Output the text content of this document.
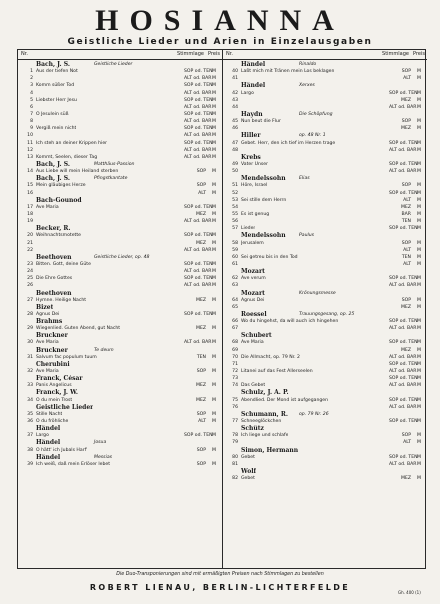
HOSIANNA
Geistliche Lieder und Arien in Einzelausgaben
Nr.	Stimmlage Preis
Bach, J. S.	Geistliche Lieder
1 Aus der tiefen Not	SOP od. TEN M
2	ALT od. BAR M
3 Komm süßer Tod	SOP od. TEN M
4	ALT od. BAR M
5 Liebster Herr Jesu	SOP od. TEN M
6	ALT od. BAR M
7 O Jesulein süß	SOP od. TEN M
8	ALT od. BAR M
9 Vergiß mein nicht	SOP od. TEN M
10	ALT od. BAR M
11 Ich steh an deiner Krippen hier	SOP od. TEN M
12	ALT od. BAR M
13 Kommt, Seelen, dieser Tag	ALT od. BAR M
Bach, J. S.	Matthäus-Passion
14 Aus Liebe will mein Heiland sterben	SOP	M
Bach, J. S.	Pfingstkantate
15 Mein gläubiges Herze	SOP	M
16	ALT	M
Bach-Gounod
17 Ave Maria	SOP od. TEN M
18	MEZ	M
19	ALT od. BAR M
Becker, R.
20 Weihnachtsmotette	SOP od. TEN M
21	MEZ	M
22	ALT od. BAR M
Beethoven	Geistliche Lieder, op. 48
23 Bitten. Gott, deine Güte	SOP od. TEN M
24	ALT od. BAR M
25 Die Ehre Gottes	SOP od. TEN M
26	ALT od. BAR M
Beethoven
27 Hymne. Heilige Nacht	MEZ	M
Bizet
28 Agnus Dei	SOP od. TEN M
Brahms
29 Wiegenlied. Guten Abend, gut Nacht	MEZ	M
Bruckner
30 Ave Maria	ALT od. BAR M
Bruckner	Te deum
31 Salvum fac populum tuum	TEN	M
Cherubini
32 Ave Maria	SOP	M
Franck, César
33 Panis Angelicus	MEZ	M
Franck, J. W.
34 O du mein Trost	MEZ	M
Geistliche Lieder
35 Stille Nacht	SOP	M
36 O du fröhliche	ALT	M
Händel
37 Largo	SOP od. TEN M
Händel	Josua
38 O hätt' ich Jubals Harf'	SOP	M
Händel	Messias
39 Ich weiß, daß mein Erlöser lebet	SOP	M
Nr.	Stimmlage Preis
Händel	Rinaldo
40 Laßt mich mit Tränen mein Los beklagen	SOP	M
41	ALT	M
Händel	Xerxes
42 Largo	SOP od. TEN M
43	MEZ	M
44	ALT od. BAR M
Haydn	Die Schöpfung
45 Nun beut die Flur	SOP	M
46	MEZ	M
Hiller	op. 48 Nr. 1
47 Gebet. Herr, den ich tief im Herzen trage	SOP od. TEN M
48	ALT od. BAR M
Krebs
49 Vater Unser	SOP od. TEN M
50	ALT od. BAR M
Mendelssohn	Elias
51 Höre, Israel	SOP	M
52	SOP od. TEN M
53 Sei stille dem Herrn	ALT	M
54	MEZ	M
55 Es ist genug	BAR	M
56	TEN	M
57 Lieder	SOP od. TEN M
Mendelssohn	Paulus
58 Jerusalem	SOP	M
59	ALT	M
60 Sei getreu bis in den Tod	TEN	M
61	ALT	M
Mozart
62 Ave verum	SOP od. TEN M
63	ALT od. BAR M
Mozart	Krönungsmesse
64 Agnus Dei	SOP	M
65	MEZ	M
Roessel	Trauungsgesang, op. 25
66 Wo du hingehst, da will auch ich hingehen	SOP od. TEN M
67	ALT od. BAR M
Schubert
68 Ave Maria	SOP od. TEN M
69	MEZ	M
70 Die Allmacht, op. 79 Nr. 2	ALT od. BAR M
71	SOP od. TEN M
72 Litanei auf das Fest Allerseelen	ALT od. BAR M
73	SOP od. TEN M
74 Das Gebet	ALT od. BAR M
Schulz, J. A. P.
75 Abendlied. Der Mond ist aufgegangen	SOP od. TEN M
76	ALT od. BAR M
Schumann, R. op. 79 Nr. 26
77 Schneeglöckchen	SOP od. TEN M
Schütz
78 Ich liege und schlafe	SOP	M
79	ALT	M
Simon, Hermann
80 Gebet	SOP od. TEN M
81	ALT od. BAR M
Wolf
82 Gebet	MEZ	M
Die Duo-Transponierungen sind mit ermäßigten Preisen nach Stimmlagen zu bestellen
ROBERT LIENAU, BERLIN-LICHTERFELDE
Gh. 400 (1)
